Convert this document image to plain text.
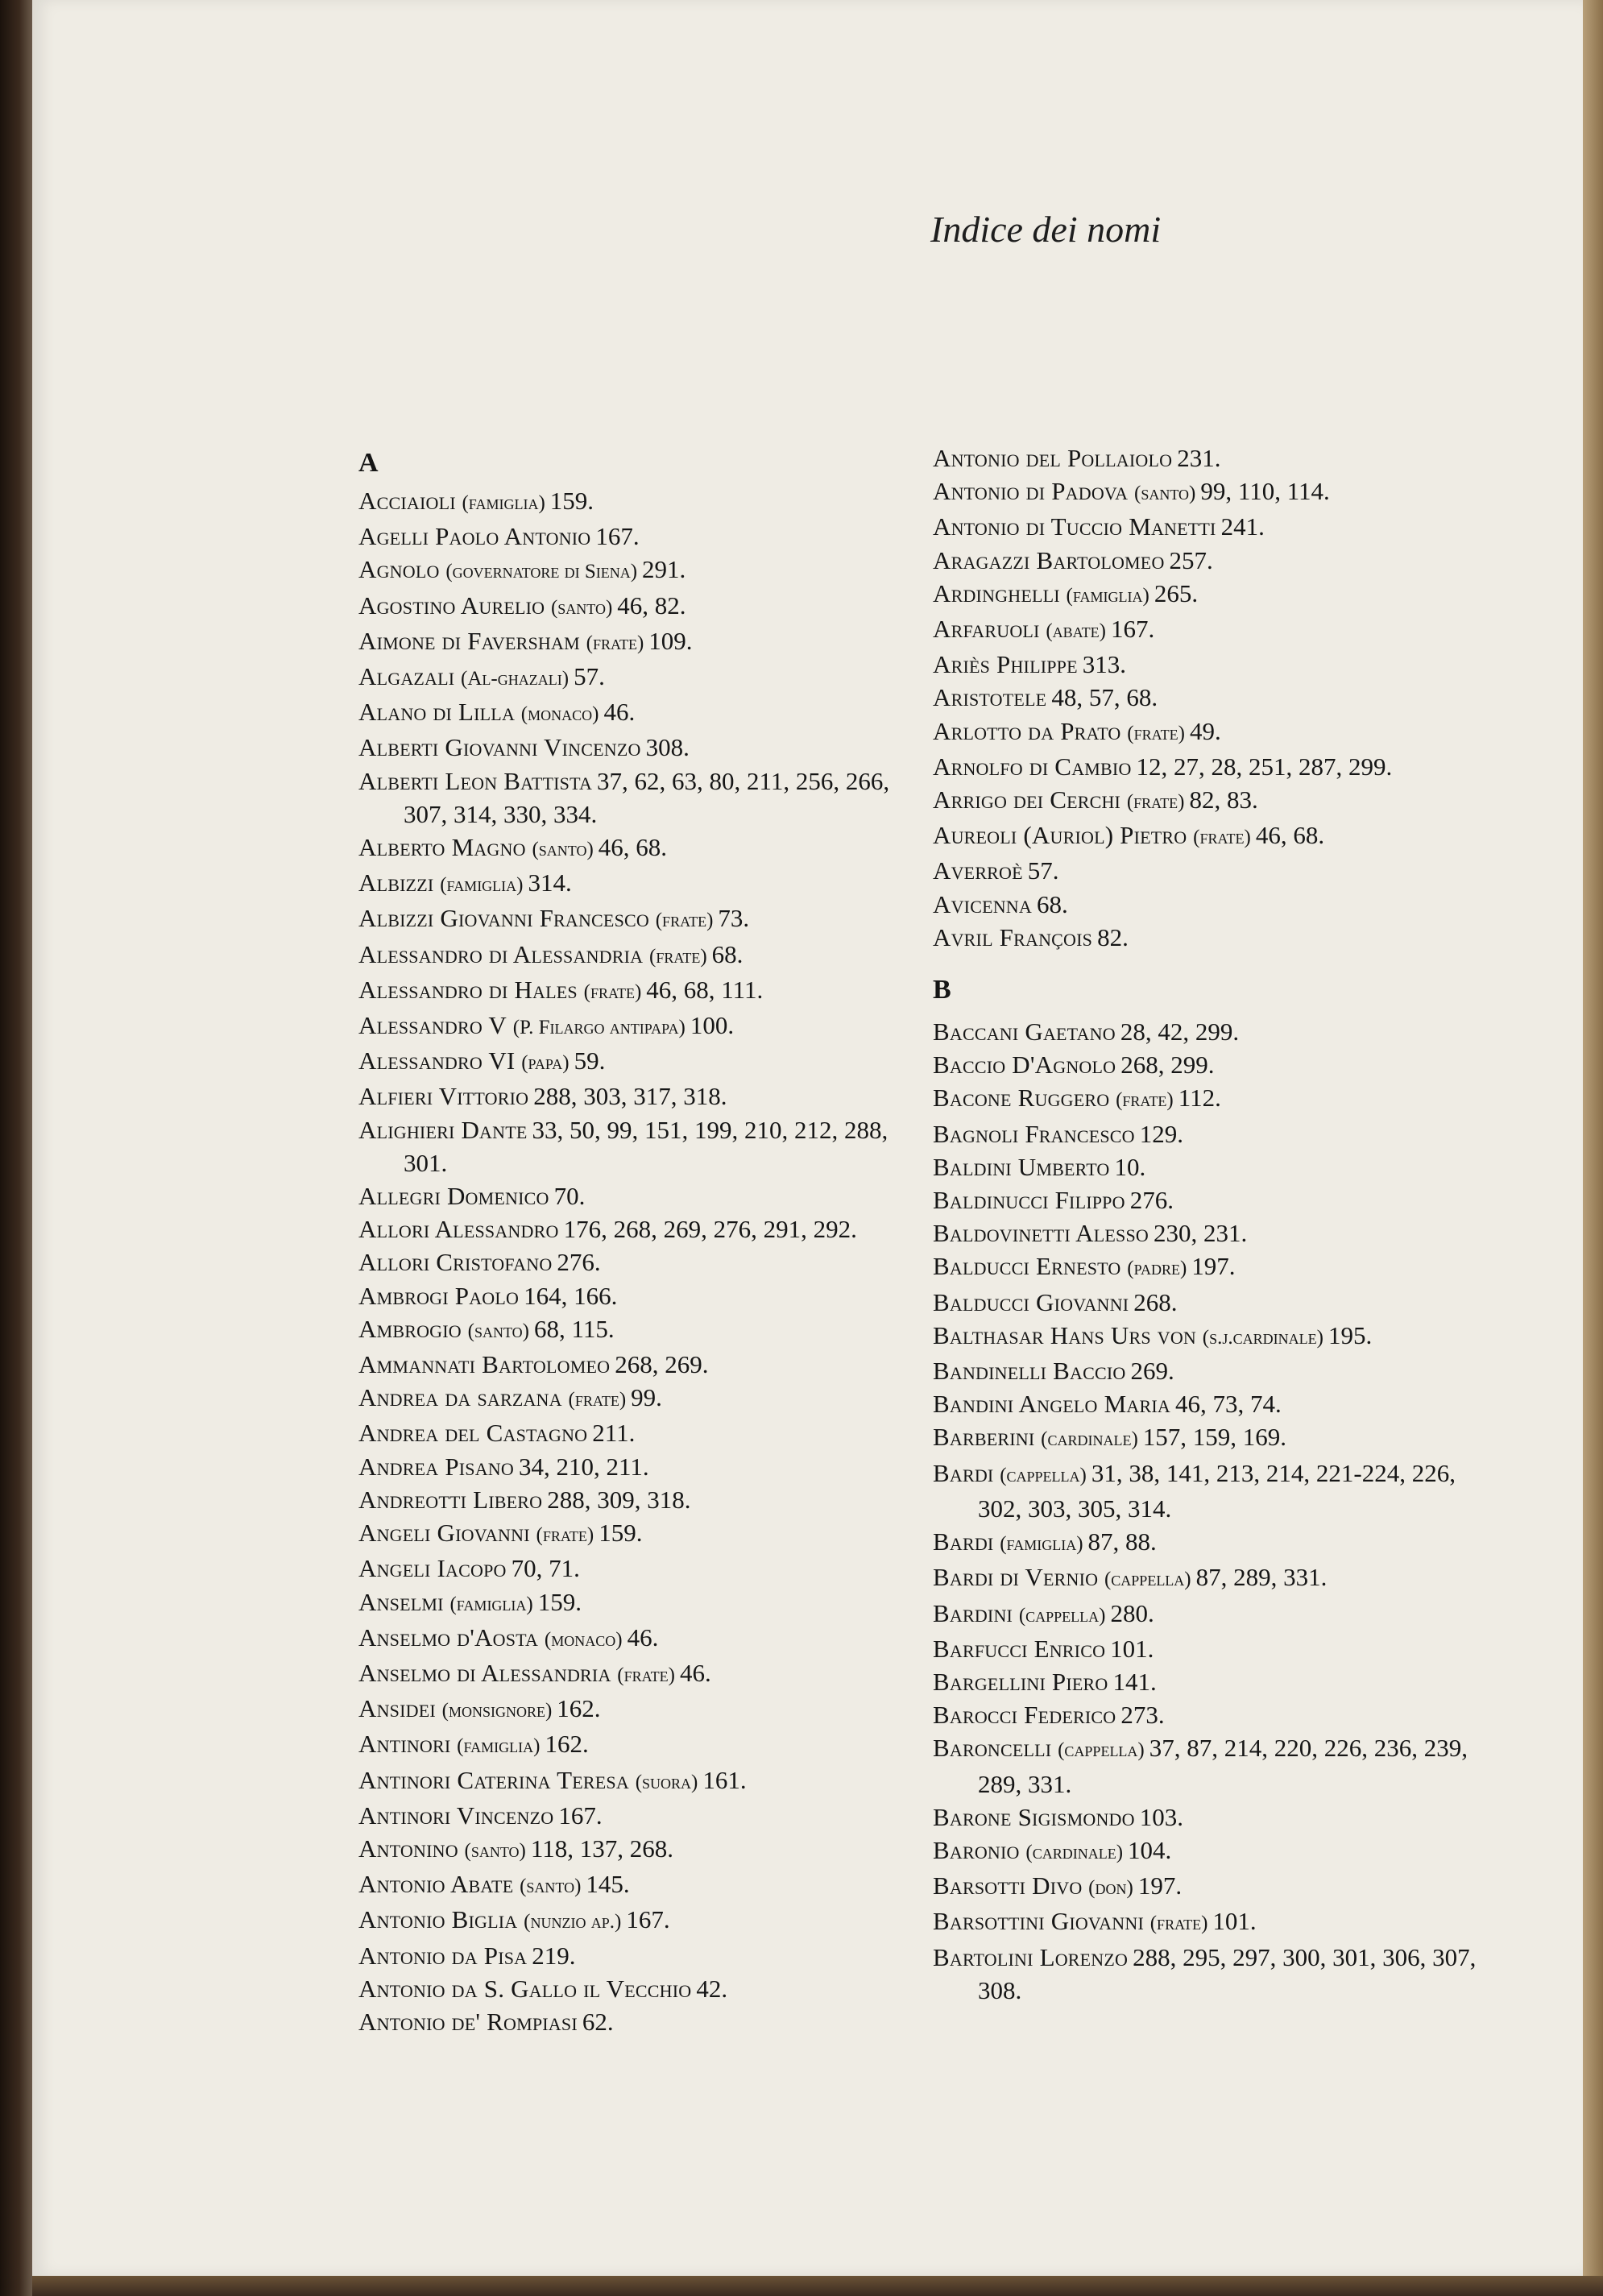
Indice dei nomi
A
Acciaioli (famiglia) 159.
Agelli Paolo Antonio 167.
Agnolo (governatore di Siena) 291.
Agostino Aurelio (santo) 46, 82.
Aimone di Faversham (frate) 109.
Algazali (Al-ghazali) 57.
Alano di Lilla (monaco) 46.
Alberti Giovanni Vincenzo 308.
Alberti Leon Battista 37, 62, 63, 80, 211, 256, 266, 307, 314, 330, 334.
Alberto Magno (santo) 46, 68.
Albizzi (famiglia) 314.
Albizzi Giovanni Francesco (frate) 73.
Alessandro di Alessandria (frate) 68.
Alessandro di Hales (frate) 46, 68, 111.
Alessandro V (P. Filargo antipapa) 100.
Alessandro VI (papa) 59.
Alfieri Vittorio 288, 303, 317, 318.
Alighieri Dante 33, 50, 99, 151, 199, 210, 212, 288, 301.
Allegri Domenico 70.
Allori Alessandro 176, 268, 269, 276, 291, 292.
Allori Cristofano 276.
Ambrogi Paolo 164, 166.
Ambrogio (santo) 68, 115.
Ammannati Bartolomeo 268, 269.
Andrea da sarzana (frate) 99.
Andrea del Castagno 211.
Andrea Pisano 34, 210, 211.
Andreotti Libero 288, 309, 318.
Angeli Giovanni (frate) 159.
Angeli Iacopo 70, 71.
Anselmi (famiglia) 159.
Anselmo d'Aosta (monaco) 46.
Anselmo di Alessandria (frate) 46.
Ansidei (monsignore) 162.
Antinori (famiglia) 162.
Antinori Caterina Teresa (suora) 161.
Antinori Vincenzo 167.
Antonino (santo) 118, 137, 268.
Antonio Abate (santo) 145.
Antonio Biglia (nunzio ap.) 167.
Antonio da Pisa 219.
Antonio da S. Gallo il Vecchio 42.
Antonio de' Rompiasi 62.
Antonio del Pollaiolo 231.
Antonio di Padova (santo) 99, 110, 114.
Antonio di Tuccio Manetti 241.
Aragazzi Bartolomeo 257.
Ardinghelli (famiglia) 265.
Arfaruoli (abate) 167.
Ariès Philippe 313.
Aristotele 48, 57, 68.
Arlotto da Prato (frate) 49.
Arnolfo di Cambio 12, 27, 28, 251, 287, 299.
Arrigo dei Cerchi (frate) 82, 83.
Aureoli (Auriol) Pietro (frate) 46, 68.
Averroè 57.
Avicenna 68.
Avril François 82.
B
Baccani Gaetano 28, 42, 299.
Baccio D'Agnolo 268, 299.
Bacone Ruggero (frate) 112.
Bagnoli Francesco 129.
Baldini Umberto 10.
Baldinucci Filippo 276.
Baldovinetti Alesso 230, 231.
Balducci Ernesto (padre) 197.
Balducci Giovanni 268.
Balthasar Hans Urs von (s.j.cardinale) 195.
Bandinelli Baccio 269.
Bandini Angelo Maria 46, 73, 74.
Barberini (cardinale) 157, 159, 169.
Bardi (cappella) 31, 38, 141, 213, 214, 221-224, 226, 302, 303, 305, 314.
Bardi (famiglia) 87, 88.
Bardi di Vernio (cappella) 87, 289, 331.
Bardini (cappella) 280.
Barfucci Enrico 101.
Bargellini Piero 141.
Barocci Federico 273.
Baroncelli (cappella) 37, 87, 214, 220, 226, 236, 239, 289, 331.
Barone Sigismondo 103.
Baronio (cardinale) 104.
Barsotti Divo (don) 197.
Barsottini Giovanni (frate) 101.
Bartolini Lorenzo 288, 295, 297, 300, 301, 306, 307, 308.
